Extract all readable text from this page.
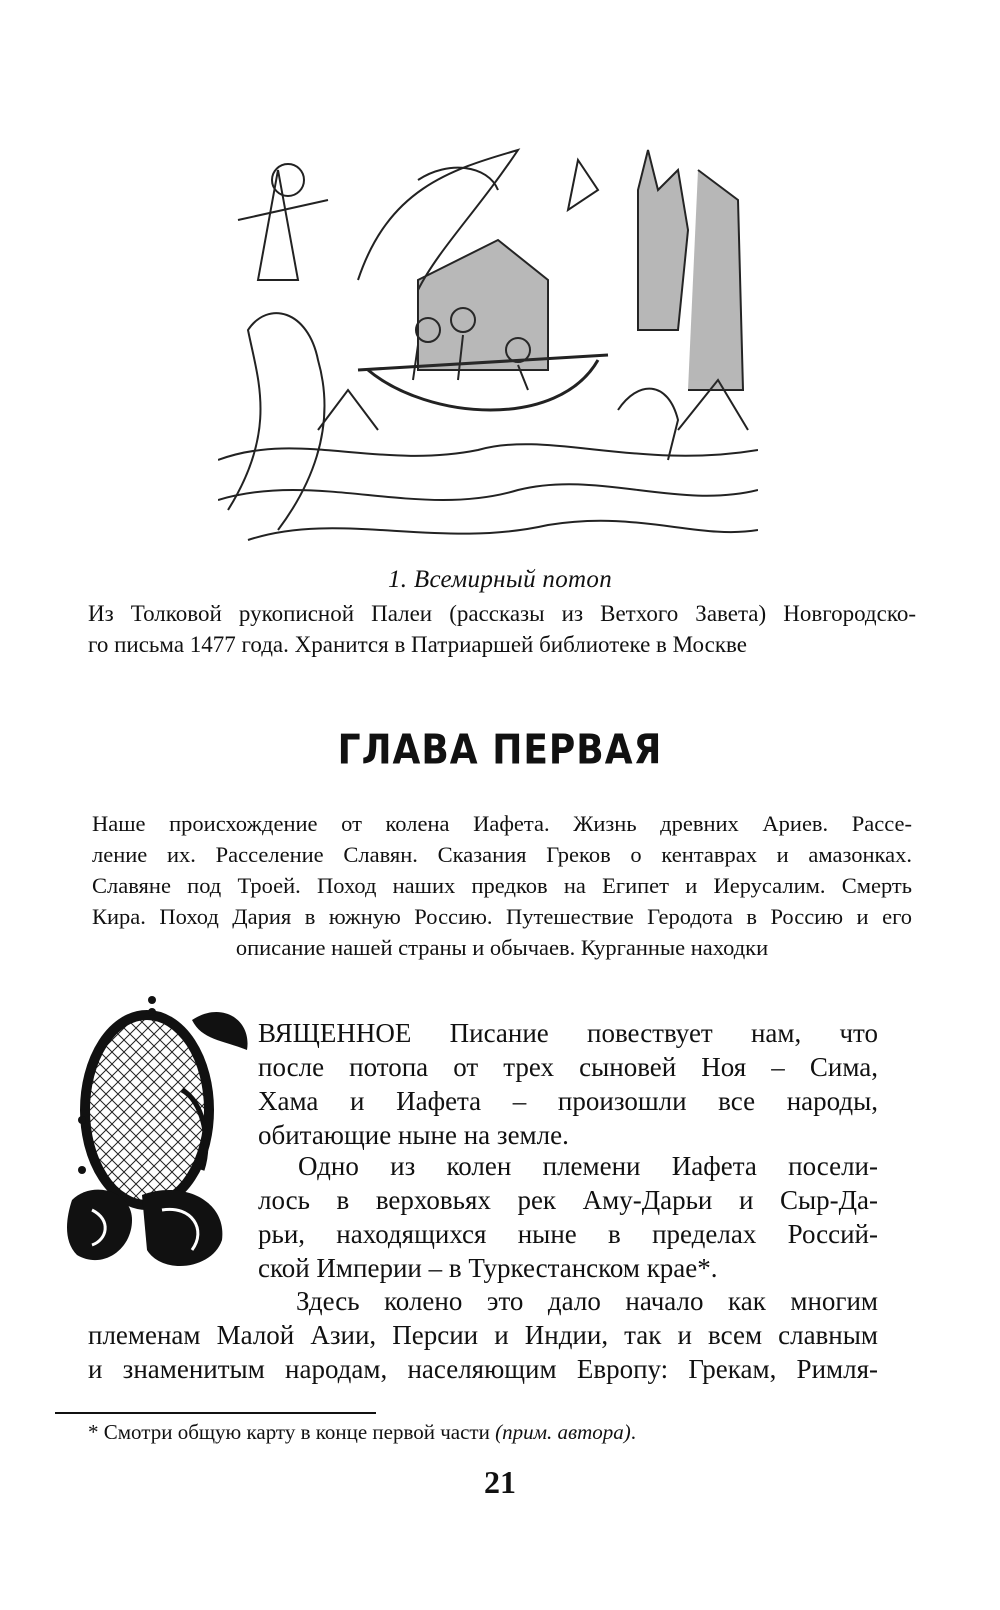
1. Всемирный потоп
Из Толковой рукописной Палеи (рассказы из Ветхого Завета) Новгородско-
го письма 1477 года. Хранится в Патриаршей библиотеке в Москве
ГЛАВА ПЕРВАЯ
Наше происхождение от колена Иафета. Жизнь древних Ариев. Рассе-
ление их. Расселение Славян. Сказания Греков о кентаврах и амазонках.
Славяне под Троей. Поход наших предков на Египет и Иерусалим. Смерть
Кира. Поход Дария в южную Россию. Путешествие Геродота в Россию и его
описание нашей страны и обычаев. Курганные находки
ВЯЩЕННОЕ Писание повествует нам, что
после потопа от трех сыновей Ноя – Сима,
Хама и Иафета – произошли все народы,
обитающие ныне на земле.
Одно из колен племени Иафета посели-
лось в верховьях рек Аму-Дарьи и Сыр-Да-
рьи, находящихся ныне в пределах Россий-
ской Империи – в Туркестанском крае*.
Здесь колено это дало начало как многим
племенам Малой Азии, Персии и Индии, так и всем славным
и знаменитым народам, населяющим Европу: Грекам, Римля-
* Смотри общую карту в конце первой части (прим. автора).
21
